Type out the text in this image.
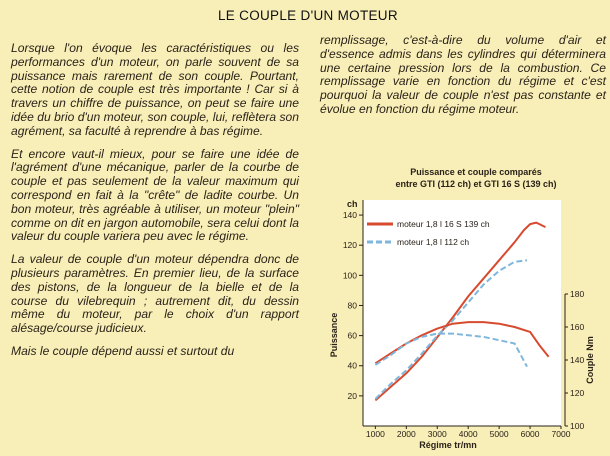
LE COUPLE D'UN MOTEUR

Lorsque l'on évoque les caractéristiques ou les performances d'un moteur, on parle souvent de sa puissance mais rarement de son couple. Pourtant, cette notion de couple est très importante ! Car si à travers un chiffre de puissance, on peut se faire une idée du brio d'un moteur, son couple, lui, reflètera son agrément, sa faculté à reprendre à bas régime.

Et encore vaut-il mieux, pour se faire une idée de l'agrément d'une mécanique, parler de la courbe de couple et pas seulement de la valeur maximum qui correspond en fait à la "crête" de ladite courbe. Un bon moteur, très agréable à utiliser, un moteur "plein" comme on dit en jargon automobile, sera celui dont la valeur du couple variera peu avec le régime.

La valeur de couple d'un moteur dépendra donc de plusieurs paramètres. En premier lieu, de la surface des pistons, de la longueur de la bielle et de la course du vilebrequin ; autrement dit, du dessin même du moteur, par le choix d'un rapport alésage/course judicieux.

Mais le couple dépend aussi et surtout du

remplissage, c'est-à-dire du volume d'air et d'essence admis dans les cylindres qui déterminera une certaine pression lors de la combustion. Ce remplissage varie en fonction du régime et c'est pourquoi la valeur de couple n'est pas constante et évolue en fonction du régime moteur.

Puissance et couple comparés
entre GTI (112 ch) et GTI 16 S (139 ch)
ch
20
40
60
80
100
120
140
Puissance
1000 2000 3000 4000 5000 6000 7000
Régime tr/mn
100
120
140
160
180
Couple Nm
moteur 1,8 l 16 S 139 ch
moteur 1,8 l 112 ch
